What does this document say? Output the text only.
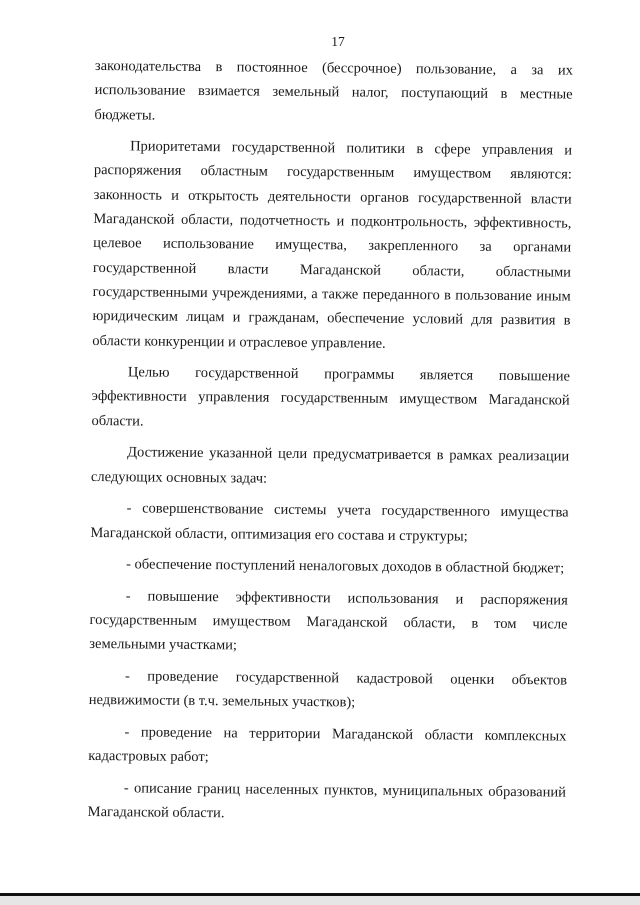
17

законодательства в постоянное (бессрочное) пользование, а за их использование взимается земельный налог, поступающий в местные бюджеты.

Приоритетами государственной политики в сфере управления и распоряжения областным государственным имуществом являются: законность и открытость деятельности органов государственной власти Магаданской области, подотчетность и подконтрольность, эффективность, целевое использование имущества, закрепленного за органами государственной власти Магаданской области, областными государственными учреждениями, а также переданного в пользование иным юридическим лицам и гражданам, обеспечение условий для развития в области конкуренции и отраслевое управление.

Целью государственной программы является повышение эффективности управления государственным имуществом Магаданской области.

Достижение указанной цели предусматривается в рамках реализации следующих основных задач:

- совершенствование системы учета государственного имущества Магаданской области, оптимизация его состава и структуры;

- обеспечение поступлений неналоговых доходов в областной бюджет;

- повышение эффективности использования и распоряжения государственным имуществом Магаданской области, в том числе земельными участками;

- проведение государственной кадастровой оценки объектов недвижимости (в т.ч. земельных участков);

- проведение на территории Магаданской области комплексных кадастровых работ;

- описание границ населенных пунктов, муниципальных образований Магаданской области.
